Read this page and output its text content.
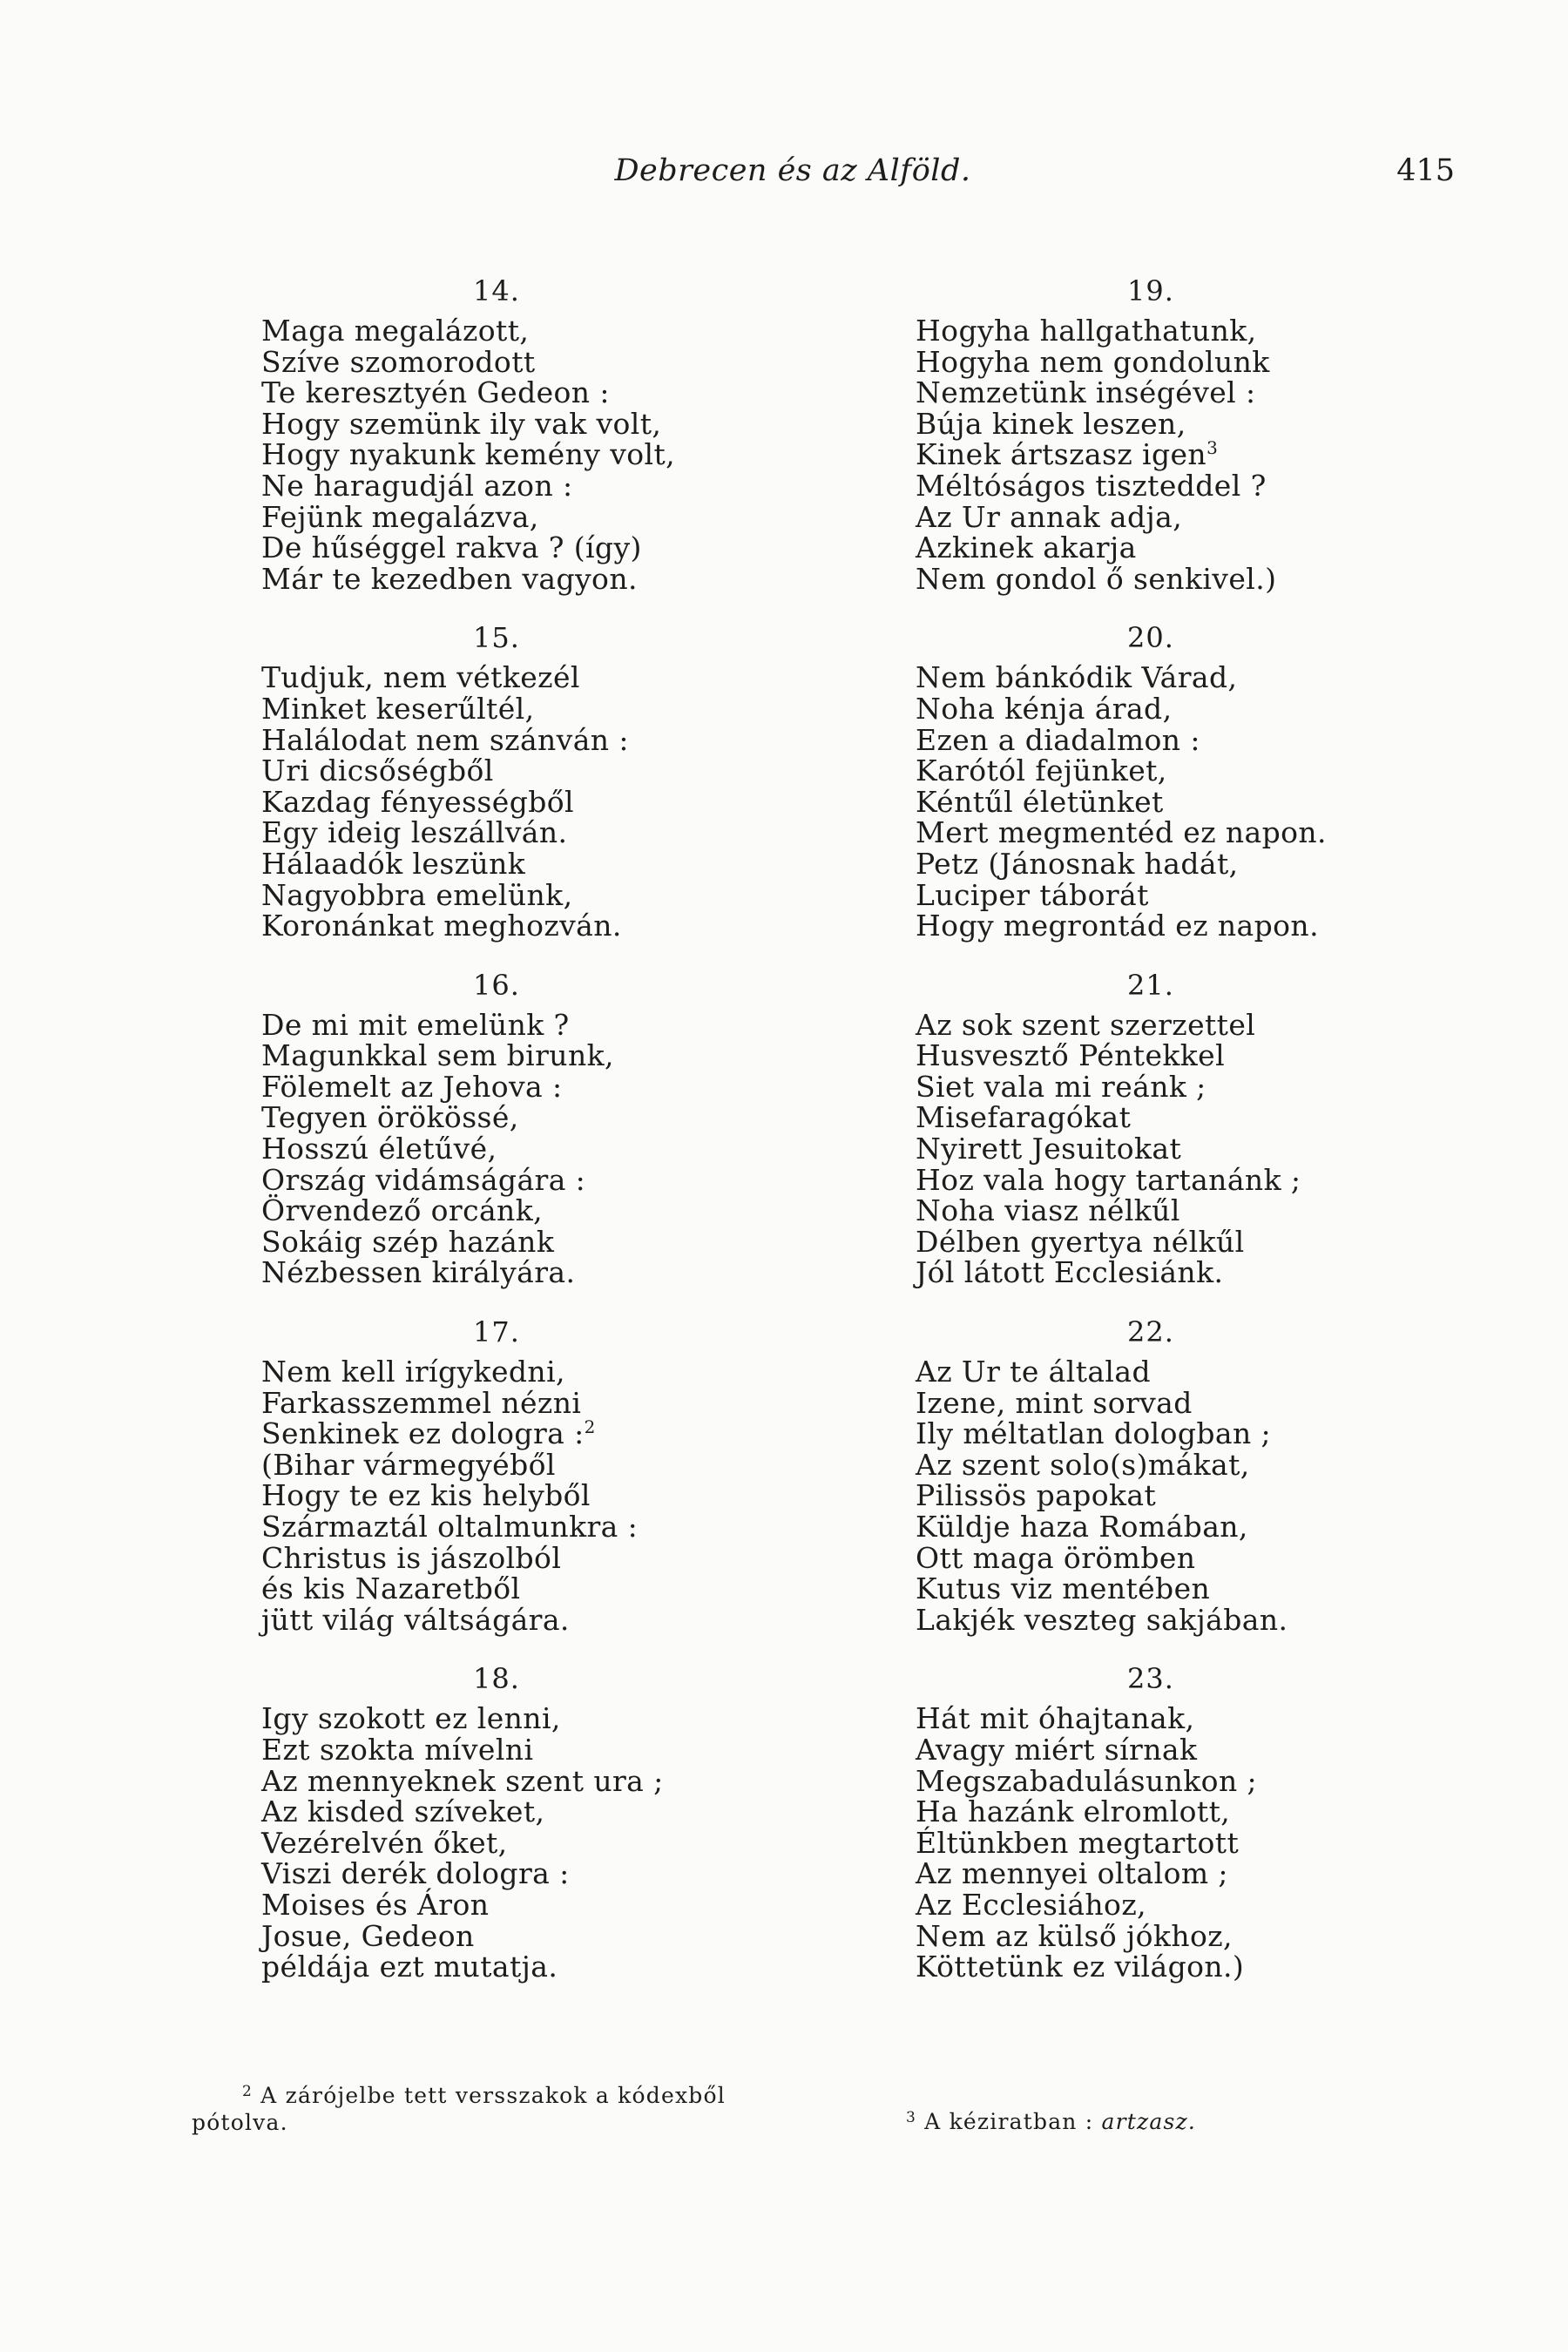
Debrecen és az Alföld.	415
14.
Maga megalázott,
Szíve szomorodott
Te keresztyén Gedeon :
Hogy szemünk ily vak volt,
Hogy nyakunk kemény volt,
Ne haragudjál azon :
Fejünk megalázva,
De hűséggel rakva ? (így)
Már te kezedben vagyon.
15.
Tudjuk, nem vétkezél
Minket keserűltél,
Halálodat nem szánván :
Uri dicsőségből
Kazdag fényességből
Egy ideig leszállván.
Hálaadók leszünk
Nagyobbra emelünk,
Koronánkat meghozván.
16.
De mi mit emelünk ?
Magunkkal sem birunk,
Fölemelt az Jehova :
Tegyen örökössé,
Hosszú életűvé,
Ország vidámságára :
Örvendező orcánk,
Sokáig szép hazánk
Nézbessen királyára.
17.
Nem kell irígykedni,
Farkasszemmel nézni
Senkinek ez dologra :$^2$
(Bihar vármegyéből
Hogy te ez kis helyből
Származtál oltalmunkra :
Christus is jászolból
és kis Nazaretből
jütt világ váltságára.
18.
Igy szokott ez lenni,
Ezt szokta mívelni
Az mennyeknek szent ura ;
Az kisded szíveket,
Vezérelvén őket,
Viszi derék dologra :
Moises és Áron
Josue, Gedeon
példája ezt mutatja.
19.
Hogyha hallgathatunk,
Hogyha nem gondolunk
Nemzetünk inségével :
Búja kinek leszen,
Kinek ártszasz igen$^3$
Méltóságos tiszteddel ?
Az Ur annak adja,
Azkinek akarja
Nem gondol ő senkivel.)
20.
Nem bánkódik Várad,
Noha kénja árad,
Ezen a diadalmon :
Karótól fejünket,
Kéntűl életünket
Mert megmentéd ez napon.
Petz (Jánosnak hadát,
Luciper táborát
Hogy megrontád ez napon.
21.
Az sok szent szerzettel
Husvesztő Péntekkel
Siet vala mi reánk ;
Misefaragókat
Nyirett Jesuitokat
Hoz vala hogy tartanánk ;
Noha viasz nélkűl
Délben gyertya nélkűl
Jól látott Ecclesiánk.
22.
Az Ur te általad
Izene, mint sorvad
Ily méltatlan dologban ;
Az szent solo(s)mákat,
Pilissös papokat
Küldje haza Romában,
Ott maga örömben
Kutus viz mentében
Lakjék veszteg sakjában.
23.
Hát mit óhajtanak,
Avagy miért sírnak
Megszabadulásunkon ;
Ha hazánk elromlott,
Éltünkben megtartott
Az mennyei oltalom ;
Az Ecclesiához,
Nem az külső jókhoz,
Köttetünk ez világon.)
$^2$ A zárójelbe tett versszakok a kódexből
pótolva.	$^3$ A kéziratban : artzasz.
